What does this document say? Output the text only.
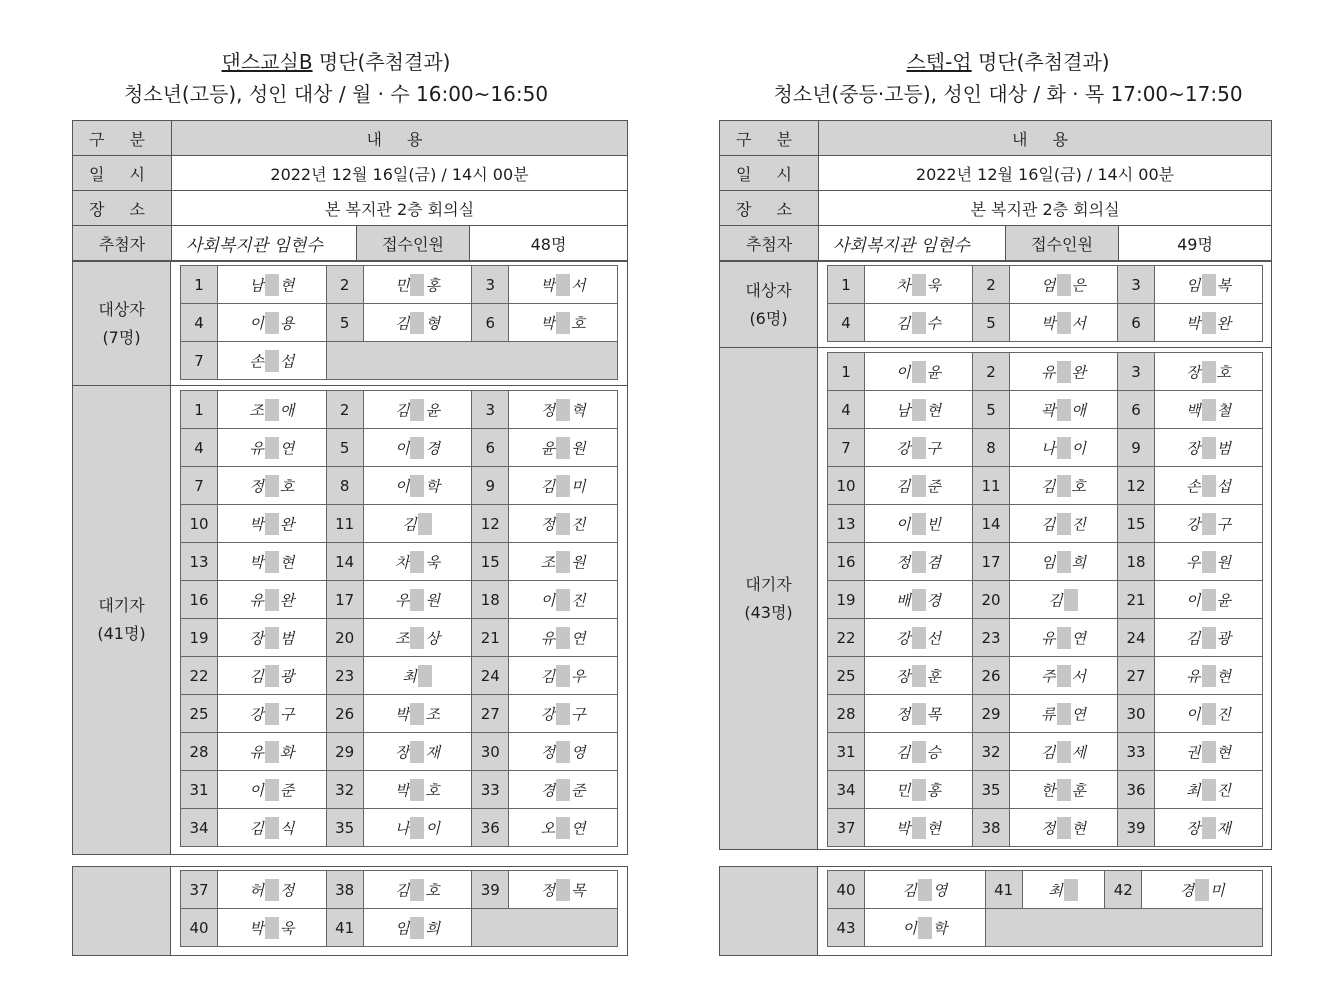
댄스교실B 명단(추첨결과)
청소년(고등), 성인 대상 / 월 · 수 16:00~16:50
구 분	내 용		
일 시	2022년 12월 16일(금) / 14시 00분		
장 소	본 복지관 2층 회의실		
추첨자	사회복지관 임현수	접수인원	48명
대상자
(7명)
1	남 현	2	민 홍	3	박 서
4	이 용	5	김 형	6	박 호
7	손 섭				
대기자
(41명)
1	조 애	2	김 윤	3	정 혁
4	유 연	5	이 경	6	윤 원
7	정 호	8	이 학	9	김 미
10	박 완	11	김	12	정 진
13	박 현	14	차 욱	15	조 원
16	유 완	17	우 원	18	이 진
19	장 범	20	조 상	21	유 연
22	김 광	23	최	24	김 우
25	강 구	26	박 조	27	강 구
28	유 화	29	장 재	30	정 영
31	이 준	32	박 호	33	경 준
34	김 식	35	나 이	36	오 연
37	허 정	38	김 호	39	정 목
40	박 욱	41	임 희		
스텝-업 명단(추첨결과)
청소년(중등·고등), 성인 대상 / 화 · 목 17:00~17:50
구 분	내 용		
일 시	2022년 12월 16일(금) / 14시 00분		
장 소	본 복지관 2층 회의실		
추첨자	사회복지관 임현수	접수인원	49명
대상자
(6명)
1	차 욱	2	엄 은	3	임 복
4	김 수	5	박 서	6	박 완
대기자
(43명)
1	이 윤	2	유 완	3	장 호
4	남 현	5	곽 애	6	백 철
7	강 구	8	나 이	9	장 범
10	김 준	11	김 호	12	손 섭
13	이 빈	14	김 진	15	강 구
16	정 겸	17	임 희	18	우 원
19	배 경	20	김	21	이 윤
22	강 선	23	유 연	24	김 광
25	장 훈	26	주 서	27	유 현
28	정 목	29	류 연	30	이 진
31	김 승	32	김 세	33	권 현
34	민 홍	35	한 훈	36	최 진
37	박 현	38	정 현	39	장 재
40	김 영	41	최	42	경 미
43	이 학				
